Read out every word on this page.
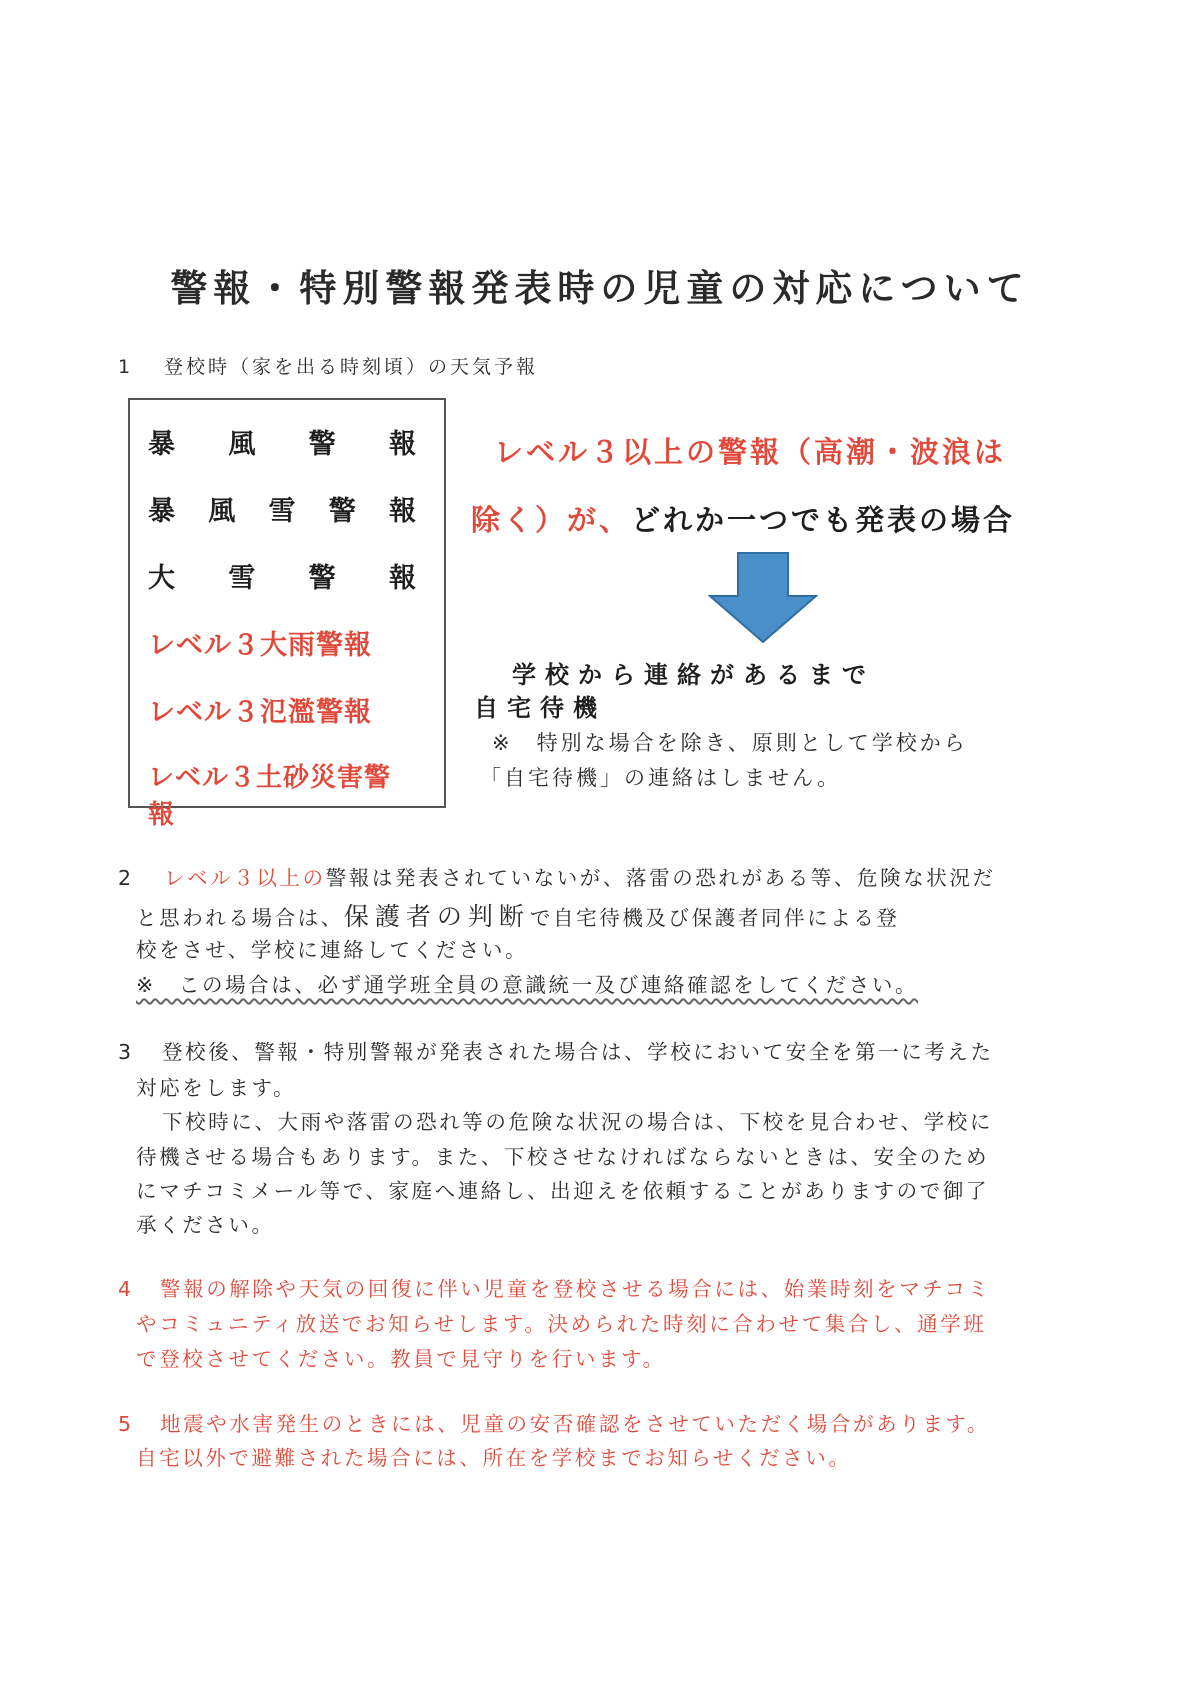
警報・特別警報発表時の児童の対応について
1 登校時（家を出る時刻頃）の天気予報
暴 風 警 報
暴 風 雪 警 報
大 雪 警 報
レベル３大雨警報
レベル３氾濫警報
レベル３土砂災害警報
レベル３以上の警報（高潮・波浪は
除く）が、どれか一つでも発表の場合
学校から連絡があるまで
自宅待機
※　特別な場合を除き、原則として学校から
「自宅待機」の連絡はしません。
2 レベル３以上の警報は発表されていないが、落雷の恐れがある等、危険な状況だ
と思われる場合は、保護者の判断で自宅待機及び保護者同伴による登
校をさせ、学校に連絡してください。
※　この場合は、必ず通学班全員の意識統一及び連絡確認をしてください。
3 登校後、警報・特別警報が発表された場合は、学校において安全を第一に考えた
対応をします。
下校時に、大雨や落雷の恐れ等の危険な状況の場合は、下校を見合わせ、学校に
待機させる場合もあります。また、下校させなければならないときは、安全のため
にマチコミメール等で、家庭へ連絡し、出迎えを依頼することがありますので御了
承ください。
4 警報の解除や天気の回復に伴い児童を登校させる場合には、始業時刻をマチコミ
やコミュニティ放送でお知らせします。決められた時刻に合わせて集合し、通学班
で登校させてください。教員で見守りを行います。
5 地震や水害発生のときには、児童の安否確認をさせていただく場合があります。
自宅以外で避難された場合には、所在を学校までお知らせください。
